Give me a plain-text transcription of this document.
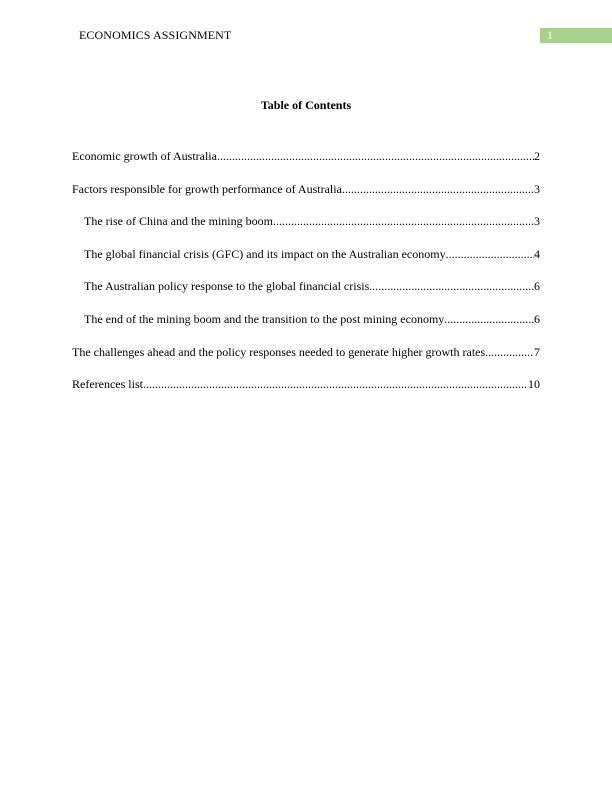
ECONOMICS ASSIGNMENT	1
Table of Contents
Economic growth of Australia .....	2
Factors responsible for growth performance of Australia .....	3
The rise of China and the mining boom .....	3
The global financial crisis (GFC) and its impact on the Australian economy .....	4
The Australian policy response to the global financial crisis .....	6
The end of the mining boom and the transition to the post mining economy .....	6
The challenges ahead and the policy responses needed to generate higher growth rates .....	7
References list .....	10
